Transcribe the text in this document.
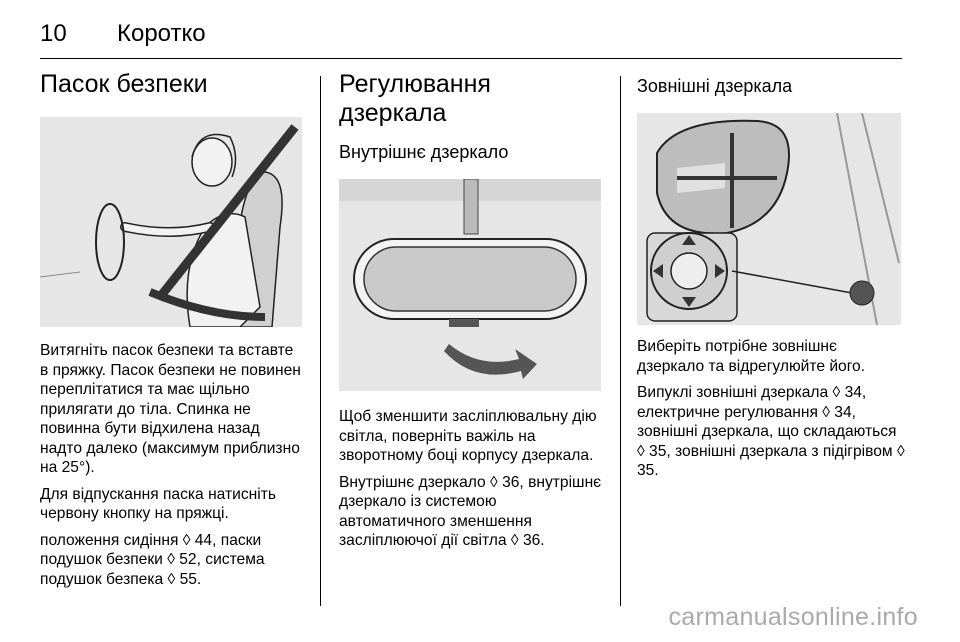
10 Коротко
Пасок безпеки

Витягніть пасок безпеки та вставте в пряжку. Пасок безпеки не повинен переплітатися та має щільно прилягати до тіла. Спинка не повинна бути відхилена назад надто далеко (максимум приблизно на 25°).

Для відпускання паска натисніть червону кнопку на пряжці.

положення сидіння ◊ 44, паски подушок безпеки ◊ 52, система подушок безпека ◊ 55.

Регулювання дзеркала
Внутрішнє дзеркало

Щоб зменшити засліплювальну дію світла, поверніть важіль на зворотному боці корпусу дзеркала.

Внутрішнє дзеркало ◊ 36, внутрішнє дзеркало із системою автоматичного зменшення засліплюючої дії світла ◊ 36.

Зовнішні дзеркала

Виберіть потрібне зовнішнє дзеркало та відрегулюйте його.

Випуклі зовнішні дзеркала ◊ 34, електричне регулювання ◊ 34, зовнішні дзеркала, що складаються ◊ 35, зовнішні дзеркала з підігрівом ◊ 35.

carmanualsonline.info
